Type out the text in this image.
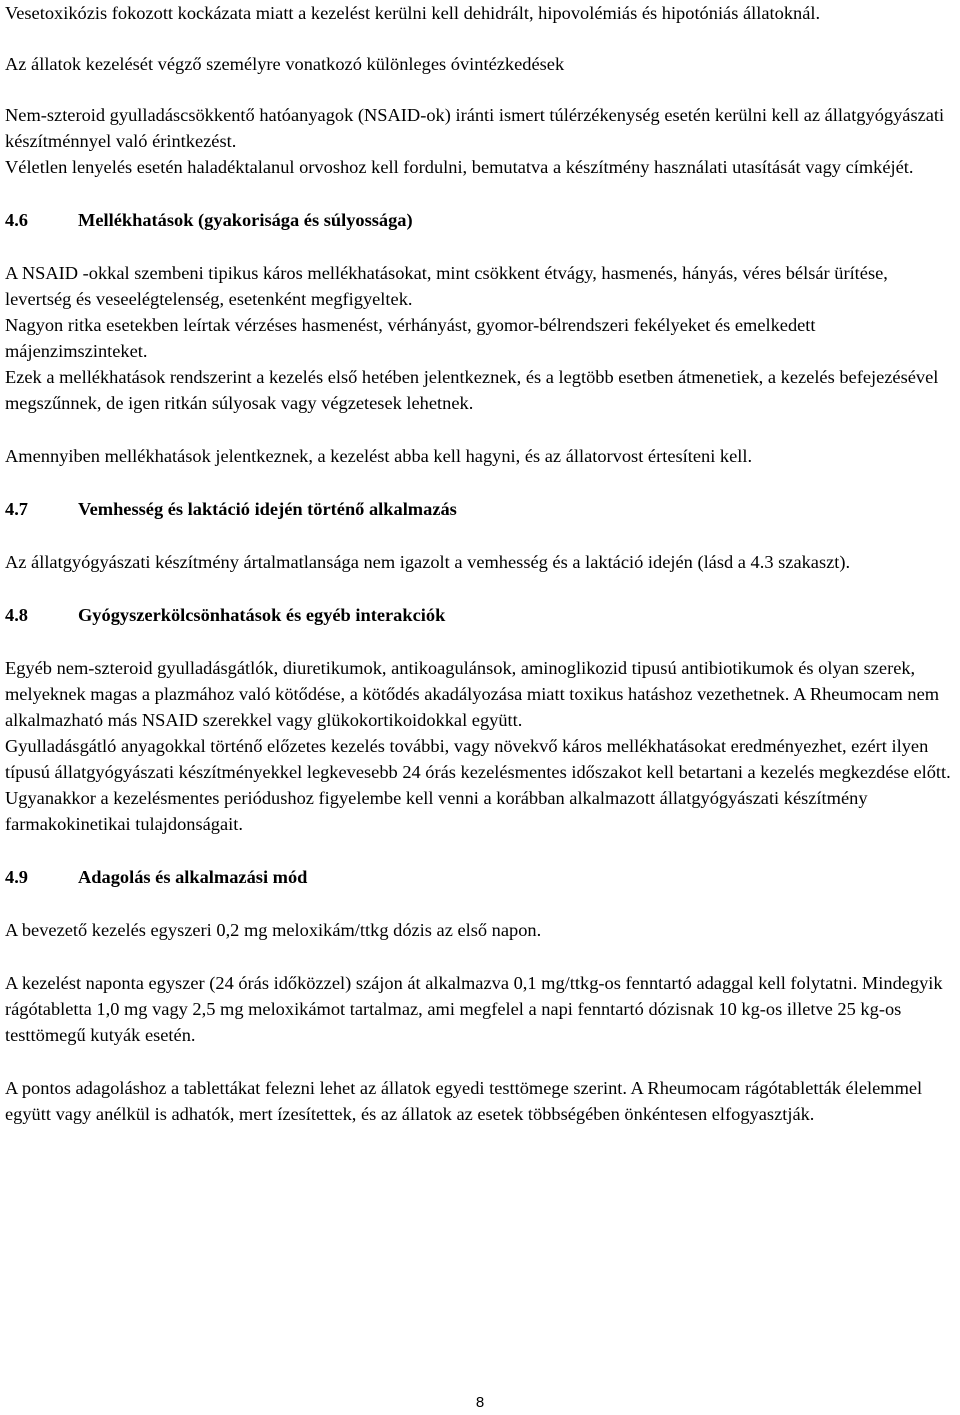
Vesetoxikózis fokozott kockázata miatt a kezelést kerülni kell dehidrált, hipovolémiás és hipotóniás állatoknál.

Az állatok kezelését végző személyre vonatkozó különleges óvintézkedések

Nem-szteroid gyulladáscsökkentő hatóanyagok (NSAID-ok) iránti ismert túlérzékenység esetén kerülni kell az állatgyógyászati készítménnyel való érintkezést.

Véletlen lenyelés esetén haladéktalanul orvoshoz kell fordulni, bemutatva a készítmény használati utasítását vagy címkéjét.

4.6	Mellékhatások (gyakorisága és súlyossága)

A NSAID -okkal szembeni tipikus káros mellékhatásokat, mint csökkent étvágy, hasmenés, hányás, véres bélsár ürítése, levertség és veseelégtelenség, esetenként megfigyeltek.

Nagyon ritka esetekben leírtak vérzéses hasmenést, vérhányást, gyomor-bélrendszeri fekélyeket és emelkedett májenzimszinteket.

Ezek a mellékhatások rendszerint a kezelés első hetében jelentkeznek, és a legtöbb esetben átmenetiek, a kezelés befejezésével megszűnnek, de igen ritkán súlyosak vagy végzetesek lehetnek.

Amennyiben mellékhatások jelentkeznek, a kezelést abba kell hagyni, és az állatorvost értesíteni kell.

4.7	Vemhesség és laktáció idején történő alkalmazás

Az állatgyógyászati készítmény ártalmatlansága nem igazolt a vemhesség és a laktáció idején (lásd a 4.3 szakaszt).

4.8	Gyógyszerkölcsönhatások és egyéb interakciók

Egyéb nem-szteroid gyulladásgátlók, diuretikumok, antikoagulánsok, aminoglikozid tipusú antibiotikumok és olyan szerek, melyeknek magas a plazmához való kötődése, a kötődés akadályozása miatt toxikus hatáshoz vezethetnek. A Rheumocam nem alkalmazható más NSAID szerekkel vagy glükokortikoidokkal együtt.

Gyulladásgátló anyagokkal történő előzetes kezelés további, vagy növekvő káros mellékhatásokat eredményezhet, ezért ilyen típusú állatgyógyászati készítményekkel legkevesebb 24 órás kezelésmentes időszakot kell betartani a kezelés megkezdése előtt. Ugyanakkor a kezelésmentes periódushoz figyelembe kell venni a korábban alkalmazott állatgyógyászati készítmény farmakokinetikai tulajdonságait.

4.9	Adagolás és alkalmazási mód

A bevezető kezelés egyszeri 0,2 mg meloxikám/ttkg dózis az első napon.

A kezelést naponta egyszer (24 órás időközzel) szájon át alkalmazva 0,1 mg/ttkg-os fenntartó adaggal kell folytatni. Mindegyik rágótabletta 1,0 mg vagy 2,5 mg meloxikámot tartalmaz, ami megfelel a napi fenntartó dózisnak 10 kg-os illetve 25 kg-os testtömegű kutyák esetén.

A pontos adagoláshoz a tablettákat felezni lehet az állatok egyedi testtömege szerint. A Rheumocam rágótabletták élelemmel együtt vagy anélkül is adhatók, mert ízesítettek, és az állatok az esetek többségében önkéntesen elfogyasztják.

8
